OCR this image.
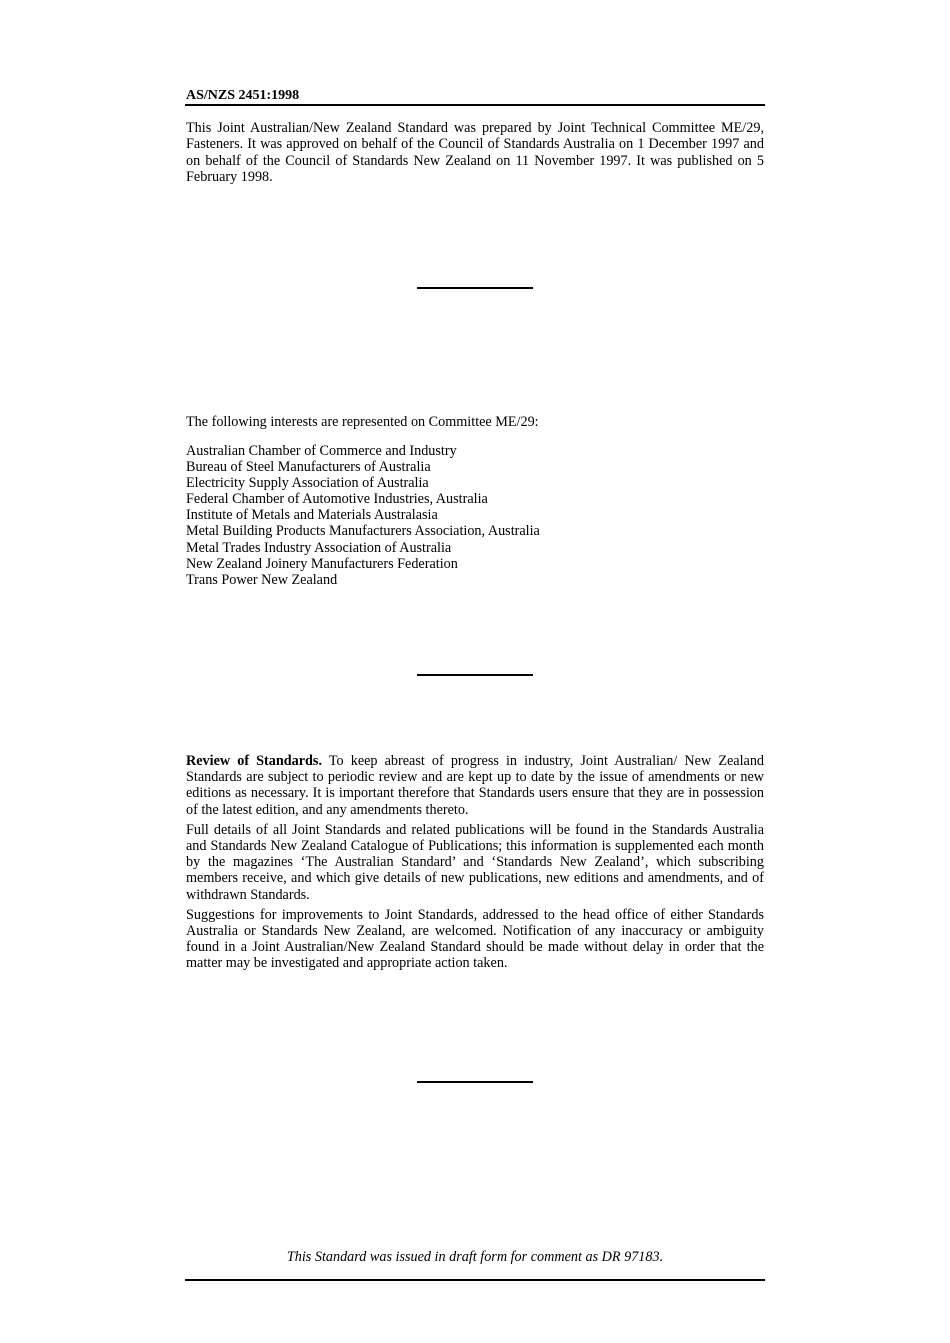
AS/NZS 2451:1998

This Joint Australian/New Zealand Standard was prepared by Joint Technical Committee ME/29, Fasteners. It was approved on behalf of the Council of Standards Australia on 1 December 1997 and on behalf of the Council of Standards New Zealand on 11 November 1997. It was published on 5 February 1998.

The following interests are represented on Committee ME/29:

Australian Chamber of Commerce and Industry
Bureau of Steel Manufacturers of Australia
Electricity Supply Association of Australia
Federal Chamber of Automotive Industries, Australia
Institute of Metals and Materials Australasia
Metal Building Products Manufacturers Association, Australia
Metal Trades Industry Association of Australia
New Zealand Joinery Manufacturers Federation
Trans Power New Zealand

Review of Standards. To keep abreast of progress in industry, Joint Australian/ New Zealand Standards are subject to periodic review and are kept up to date by the issue of amendments or new editions as necessary. It is important therefore that Standards users ensure that they are in possession of the latest edition, and any amendments thereto.

Full details of all Joint Standards and related publications will be found in the Standards Australia and Standards New Zealand Catalogue of Publications; this information is supplemented each month by the magazines ‘The Australian Standard’ and ‘Standards New Zealand’, which subscribing members receive, and which give details of new publications, new editions and amendments, and of withdrawn Standards.

Suggestions for improvements to Joint Standards, addressed to the head office of either Standards Australia or Standards New Zealand, are welcomed. Notification of any inaccuracy or ambiguity found in a Joint Australian/New Zealand Standard should be made without delay in order that the matter may be investigated and appropriate action taken.

This Standard was issued in draft form for comment as DR 97183.
